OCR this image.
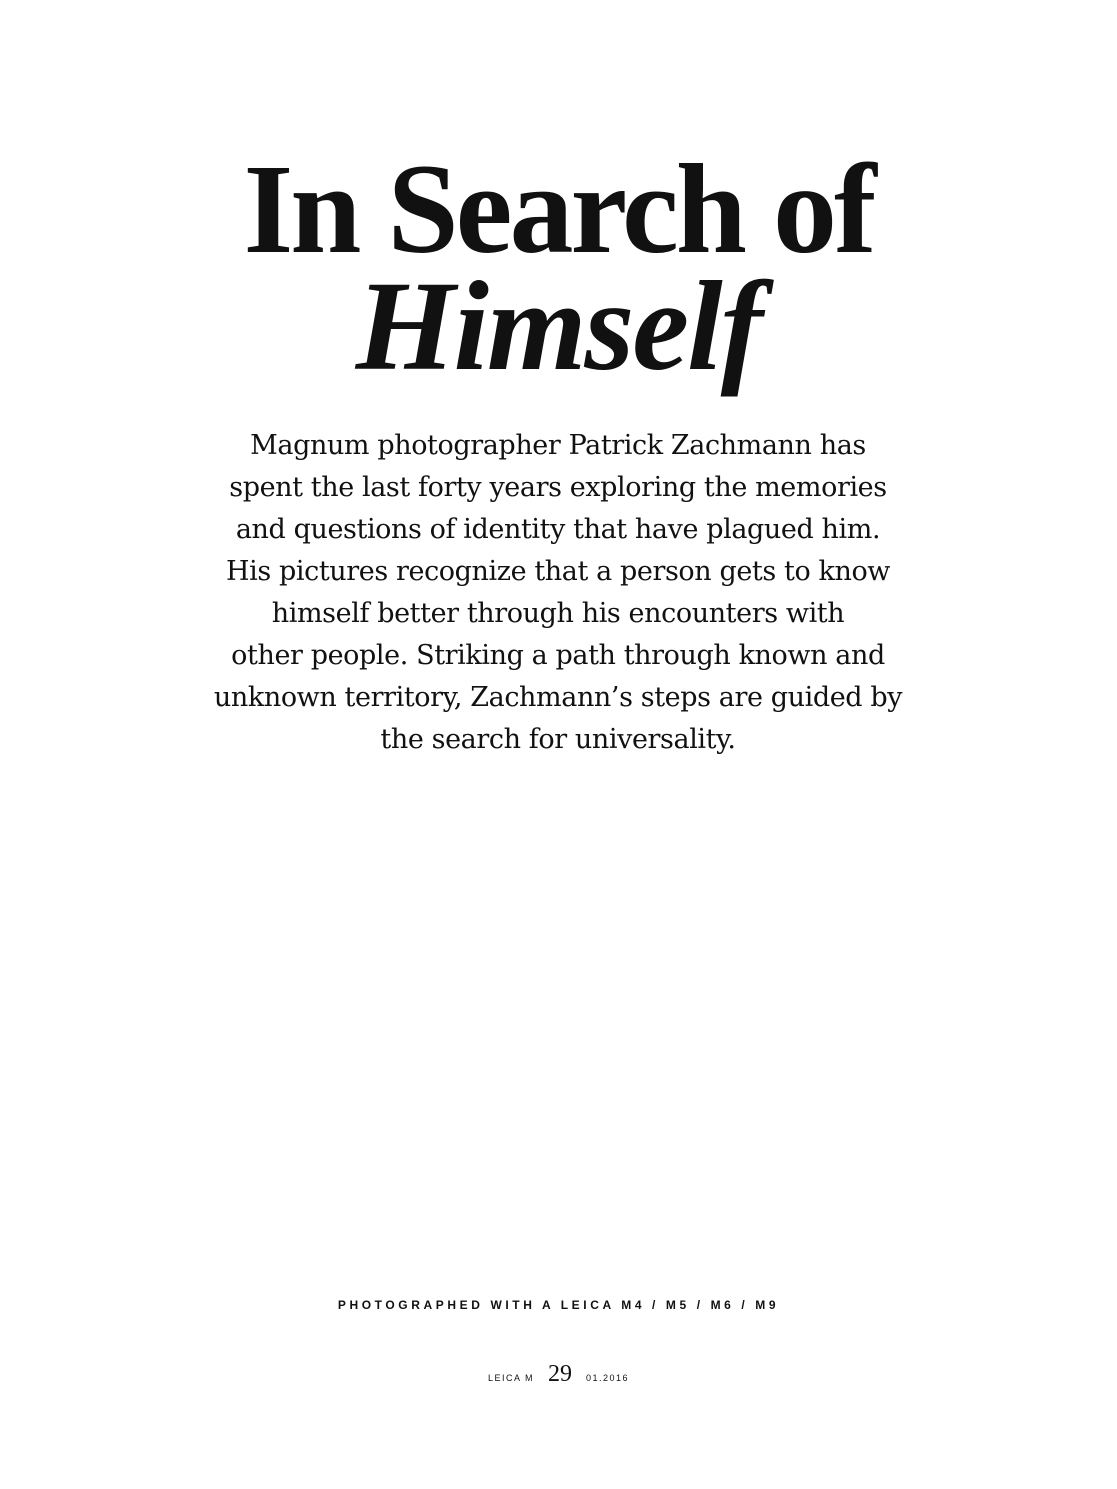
In Search of
Himself

Magnum photographer Patrick Zachmann has
spent the last forty years exploring the memories
and questions of identity that have plagued him.
His pictures recognize that a person gets to know
himself better through his encounters with
other people. Striking a path through known and
unknown territory, Zachmann’s steps are guided by
the search for universality.

PHOTOGRAPHED WITH A LEICA M4 / M5 / M6 / M9
LEICA M 29 01.2016
